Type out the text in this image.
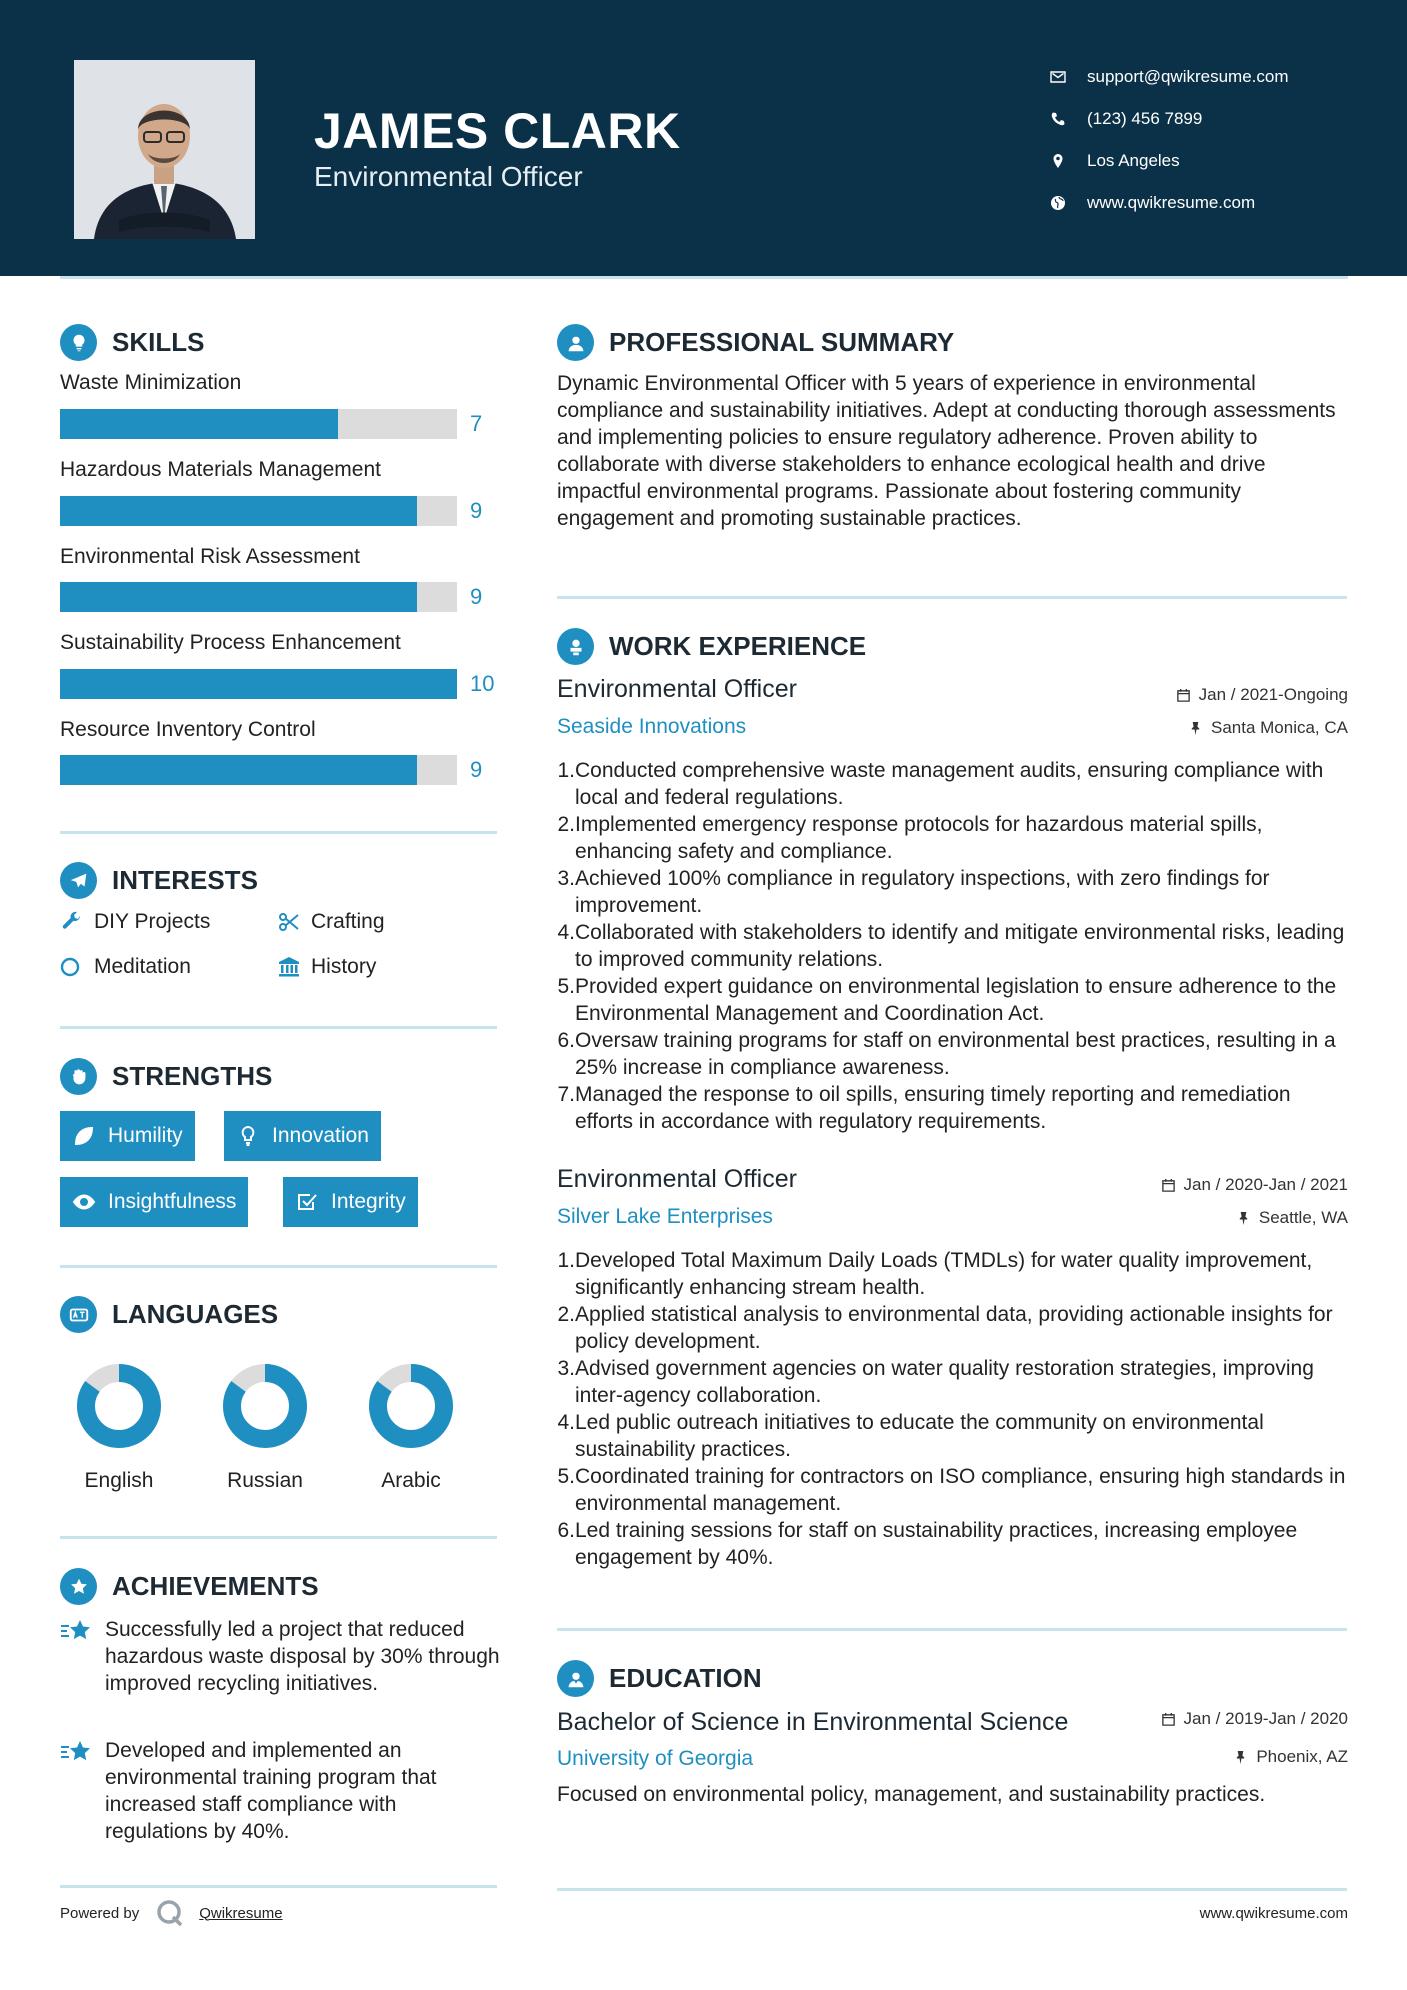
JAMES CLARK
Environmental Officer
support@qwikresume.com
(123) 456 7899
Los Angeles
www.qwikresume.com
SKILLS
Waste Minimization
7
Hazardous Materials Management
9
Environmental Risk Assessment
9
Sustainability Process Enhancement
10
Resource Inventory Control
9
INTERESTS
DIY Projects	Crafting
Meditation	History
STRENGTHS
Humility	Innovation
Insightfulness	Integrity
LANGUAGES
English	Russian	Arabic
ACHIEVEMENTS
Successfully led a project that reduced hazardous waste disposal by 30% through improved recycling initiatives.
Developed and implemented an environmental training program that increased staff compliance with regulations by 40%.
PROFESSIONAL SUMMARY
Dynamic Environmental Officer with 5 years of experience in environmental compliance and sustainability initiatives. Adept at conducting thorough assessments and implementing policies to ensure regulatory adherence. Proven ability to collaborate with diverse stakeholders to enhance ecological health and drive impactful environmental programs. Passionate about fostering community engagement and promoting sustainable practices.
WORK EXPERIENCE
Environmental Officer	Jan / 2021-Ongoing
Seaside Innovations	Santa Monica, CA
1. Conducted comprehensive waste management audits, ensuring compliance with local and federal regulations.
2. Implemented emergency response protocols for hazardous material spills, enhancing safety and compliance.
3. Achieved 100% compliance in regulatory inspections, with zero findings for improvement.
4. Collaborated with stakeholders to identify and mitigate environmental risks, leading to improved community relations.
5. Provided expert guidance on environmental legislation to ensure adherence to the Environmental Management and Coordination Act.
6. Oversaw training programs for staff on environmental best practices, resulting in a 25% increase in compliance awareness.
7. Managed the response to oil spills, ensuring timely reporting and remediation efforts in accordance with regulatory requirements.
Environmental Officer	Jan / 2020-Jan / 2021
Silver Lake Enterprises	Seattle, WA
1. Developed Total Maximum Daily Loads (TMDLs) for water quality improvement, significantly enhancing stream health.
2. Applied statistical analysis to environmental data, providing actionable insights for policy development.
3. Advised government agencies on water quality restoration strategies, improving inter-agency collaboration.
4. Led public outreach initiatives to educate the community on environmental sustainability practices.
5. Coordinated training for contractors on ISO compliance, ensuring high standards in environmental management.
6. Led training sessions for staff on sustainability practices, increasing employee engagement by 40%.
EDUCATION
Bachelor of Science in Environmental Science	Jan / 2019-Jan / 2020
University of Georgia	Phoenix, AZ
Focused on environmental policy, management, and sustainability practices.
Powered by	Qwikresume	www.qwikresume.com
